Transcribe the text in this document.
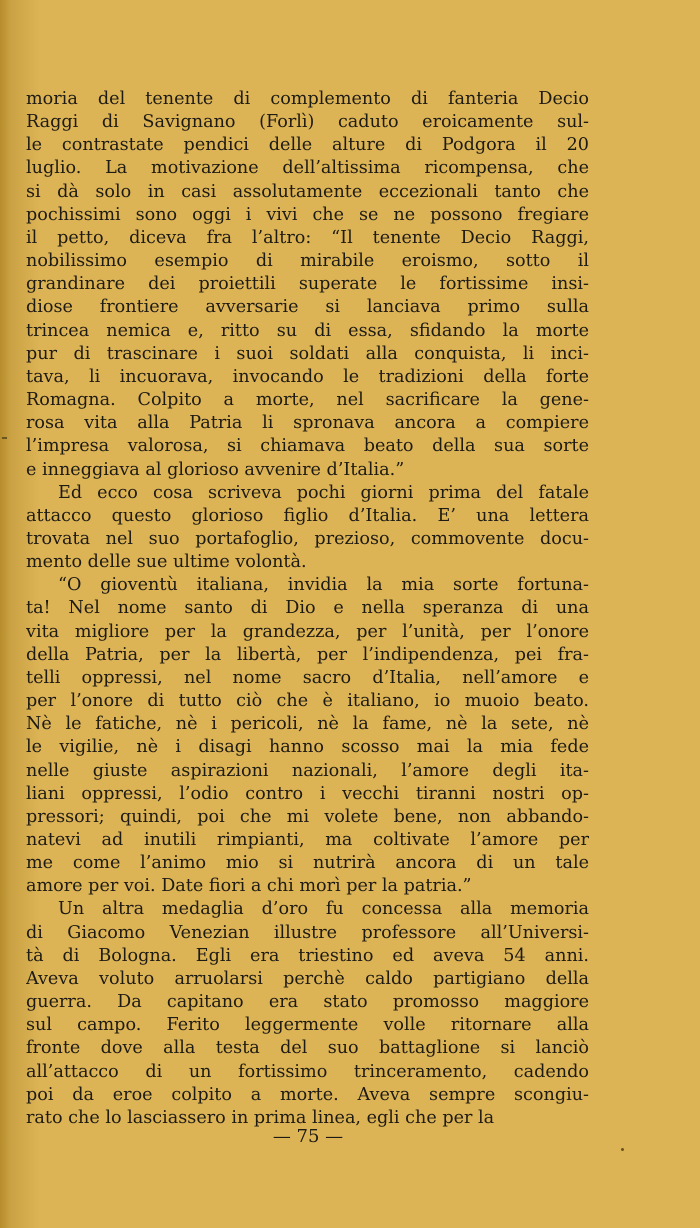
moria del tenente di complemento di fanteria Decio
Raggi di Savignano (Forlì) caduto eroicamente sul-
le contrastate pendici delle alture di Podgora il 20
luglio. La motivazione dell’altissima ricompensa, che
si dà solo in casi assolutamente eccezionali tanto che
pochissimi sono oggi i vivi che se ne possono fregiare
il petto, diceva fra l’altro: “Il tenente Decio Raggi,
nobilissimo esempio di mirabile eroismo, sotto il
grandinare dei proiettili superate le fortissime insi-
diose frontiere avversarie si lanciava primo sulla
trincea nemica e, ritto su di essa, sfidando la morte
pur di trascinare i suoi soldati alla conquista, li inci-
tava, li incuorava, invocando le tradizioni della forte
Romagna. Colpito a morte, nel sacrificare la gene-
rosa vita alla Patria li spronava ancora a compiere
l’impresa valorosa, si chiamava beato della sua sorte
e inneggiava al glorioso avvenire d’Italia.”
Ed ecco cosa scriveva pochi giorni prima del fatale
attacco questo glorioso figlio d’Italia. E’ una lettera
trovata nel suo portafoglio, prezioso, commovente docu-
mento delle sue ultime volontà.
“O gioventù italiana, invidia la mia sorte fortuna-
ta! Nel nome santo di Dio e nella speranza di una
vita migliore per la grandezza, per l’unità, per l’onore
della Patria, per la libertà, per l’indipendenza, pei fra-
telli oppressi, nel nome sacro d’Italia, nell’amore e
per l’onore di tutto ciò che è italiano, io muoio beato.
Nè le fatiche, nè i pericoli, nè la fame, nè la sete, nè
le vigilie, nè i disagi hanno scosso mai la mia fede
nelle giuste aspirazioni nazionali, l’amore degli ita-
liani oppressi, l’odio contro i vecchi tiranni nostri op-
pressori; quindi, poi che mi volete bene, non abbando-
natevi ad inutili rimpianti, ma coltivate l’amore per
me come l’animo mio si nutrirà ancora di un tale
amore per voi. Date fiori a chi morì per la patria.”
Un altra medaglia d’oro fu concessa alla memoria
di Giacomo Venezian illustre professore all’Universi-
tà di Bologna. Egli era triestino ed aveva 54 anni.
Aveva voluto arruolarsi perchè caldo partigiano della
guerra. Da capitano era stato promosso maggiore
sul campo. Ferito leggermente volle ritornare alla
fronte dove alla testa del suo battaglione si lanciò
all’attacco di un fortissimo trinceramento, cadendo
poi da eroe colpito a morte. Aveva sempre scongiu-
rato che lo lasciassero in prima linea, egli che per la
— 75 —
